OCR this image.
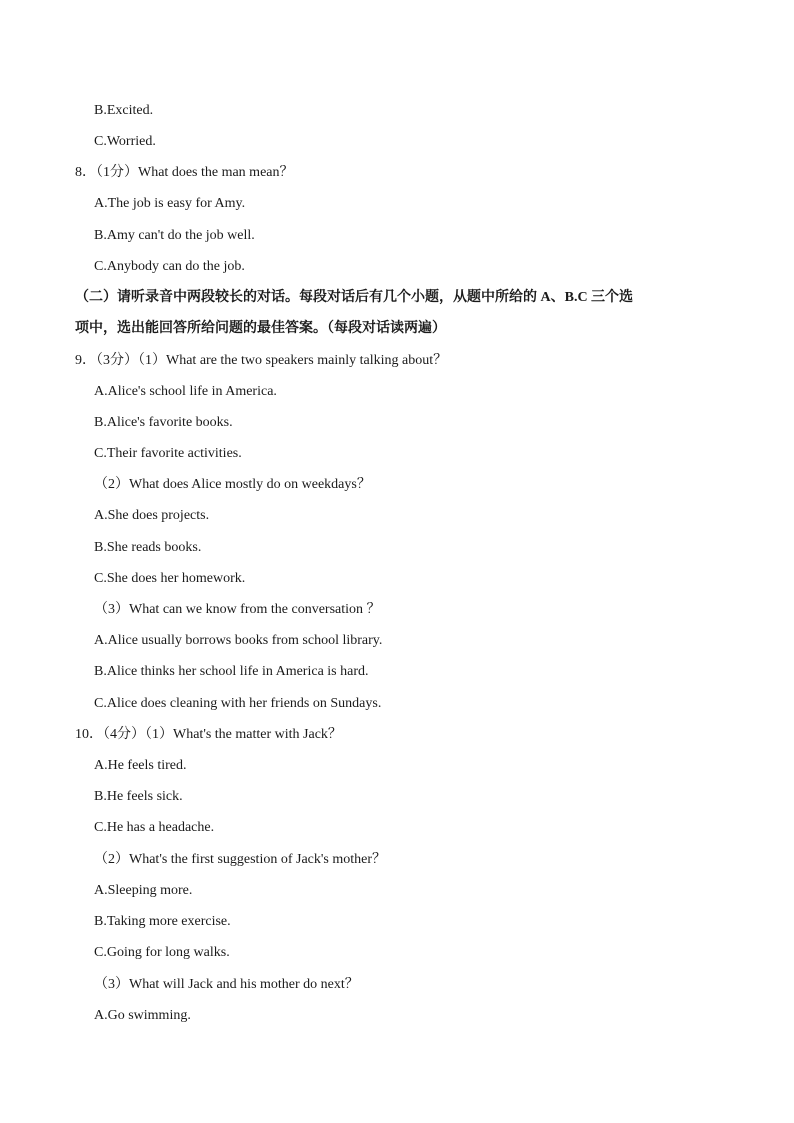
B.Excited.
C.Worried.
8．（1分）What does the man mean？
A.The job is easy for Amy.
B.Amy can't do the job well.
C.Anybody can do the job.
（二）请听录音中两段较长的对话。每段对话后有几个小题，从题中所给的 A、B.C 三个选
项中，选出能回答所给问题的最佳答案。（每段对话读两遍）
9．（3分）（1）What are the two speakers mainly talking about？
A.Alice's school life in America.
B.Alice's favorite books.
C.Their favorite activities.
（2）What does Alice mostly do on weekdays？
A.She does projects.
B.She reads books.
C.She does her homework.
（3）What can we know from the conversation ？
A.Alice usually borrows books from school library.
B.Alice thinks her school life in America is hard.
C.Alice does cleaning with her friends on Sundays.
10．（4分）（1）What's the matter with Jack？
A.He feels tired.
B.He feels sick.
C.He has a headache.
（2）What's the first suggestion of Jack's mother？
A.Sleeping more.
B.Taking more exercise.
C.Going for long walks.
（3）What will Jack and his mother do next？
A.Go swimming.
